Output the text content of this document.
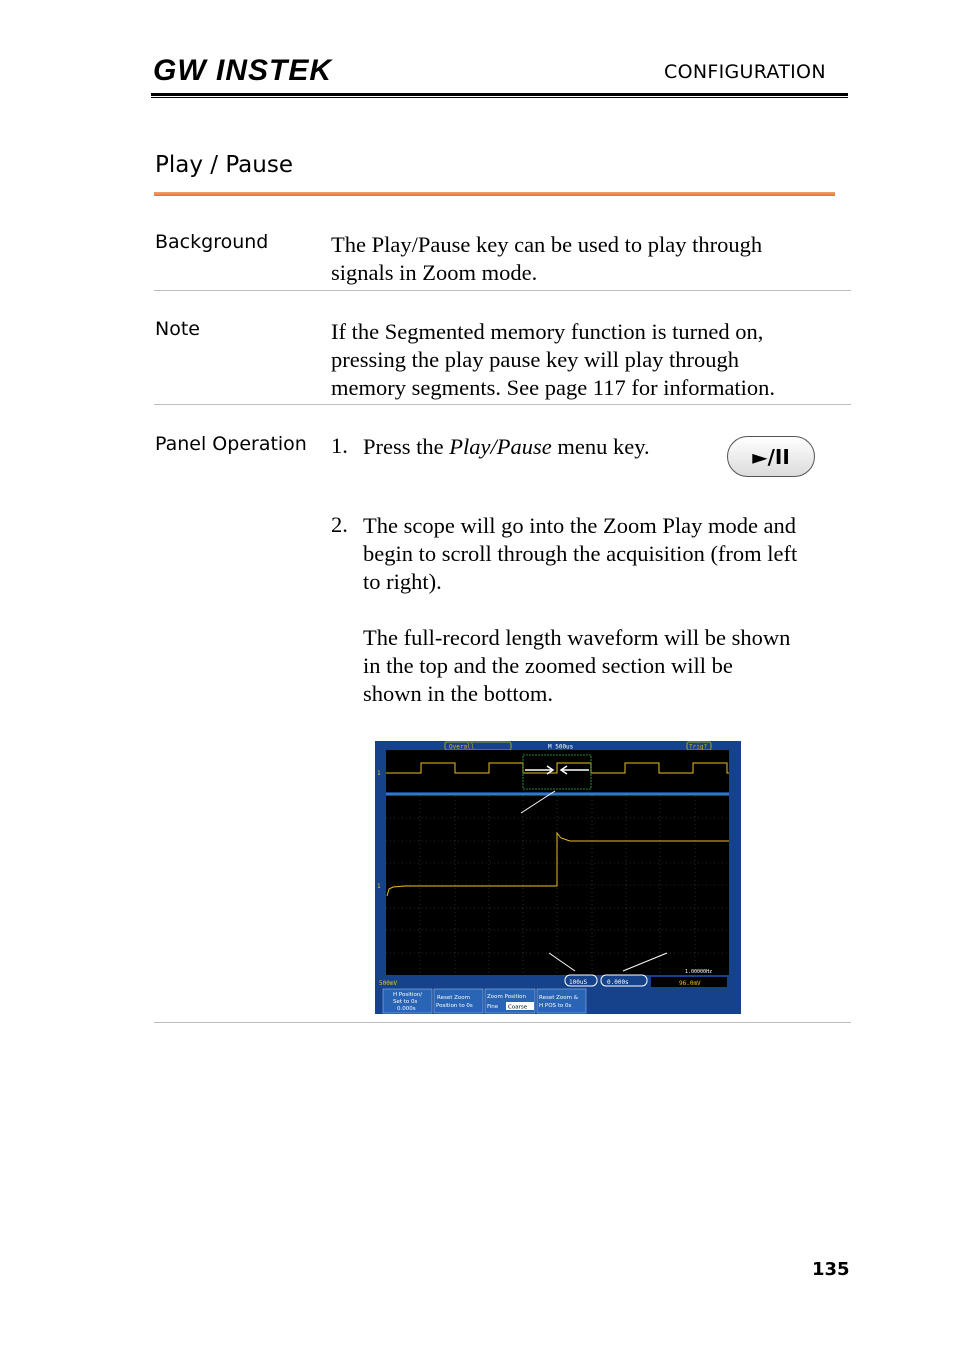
GW INSTEK	CONFIGURATION
Play / Pause
Background	The Play/Pause key can be used to play through
signals in Zoom mode.
Note	If the Segmented memory function is turned on,
pressing the play pause key will play through
memory segments. See page 117 for information.
Panel Operation 1. Press the Play/Pause menu key.	►/II
2. The scope will go into the Zoom Play mode and
begin to scroll through the acquisition (from left
to right).
The full-record length waveform will be shown
in the top and the zoomed section will be
shown in the bottom.
Overall	M 500us	Trig?
1
1
500mV	100uS	0.000s	96.0mV
1.00000Hz
H Position/
Set to 0s
0.000s
Reset Zoom
Position to 0s
Zoom Position
Fine Coarse
Reset Zoom &
H POS to 0s
135
